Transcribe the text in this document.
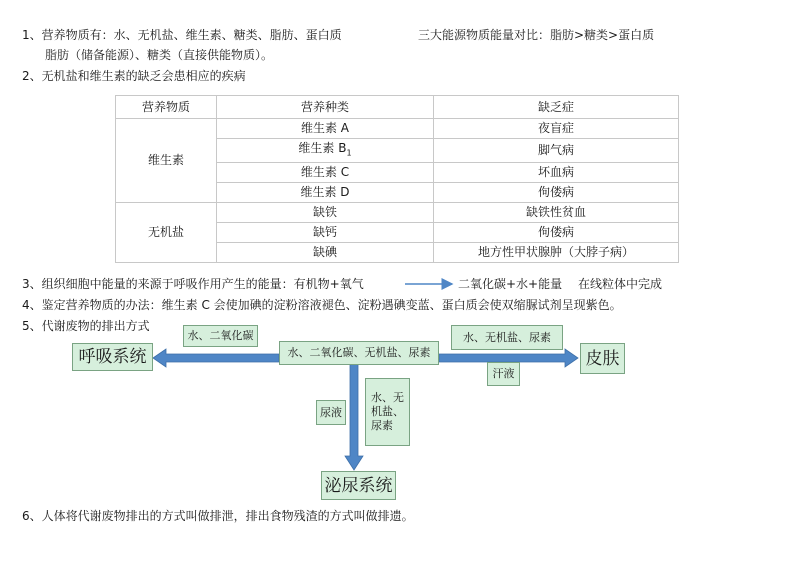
1、营养物质有：水、无机盐、维生素、糖类、脂肪、蛋白质	三大能源物质能量对比：脂肪>糖类>蛋白质
脂肪（储备能源）、糖类（直接供能物质）。
2、无机盐和维生素的缺乏会患相应的疾病
营养物质	营养种类	缺乏症
维生素	维生素 A	夜盲症
	维生素 $B_1$	脚气病
	维生素 C	坏血病
	维生素 D	佝偻病
无机盐	缺铁	缺铁性贫血
	缺钙	佝偻病
	缺碘	地方性甲状腺肿（大脖子病）
3、组织细胞中能量的来源于呼吸作用产生的能量：有机物+氧气	二氧化碳+水+能量 在线粒体中完成
4、鉴定营养物质的办法：维生素 C 会使加碘的淀粉溶液褪色、淀粉遇碘变蓝、蛋白质会使双缩脲试剂呈现紫色。
5、代谢废物的排出方式
呼吸系统
水、二氧化碳
水、二氧化碳、无机盐、尿素
水、无机盐、尿素
汗液
皮肤
尿液
水、无
机盐、
尿素
泌尿系统
6、人体将代谢废物排出的方式叫做排泄，排出食物残渣的方式叫做排遗。
